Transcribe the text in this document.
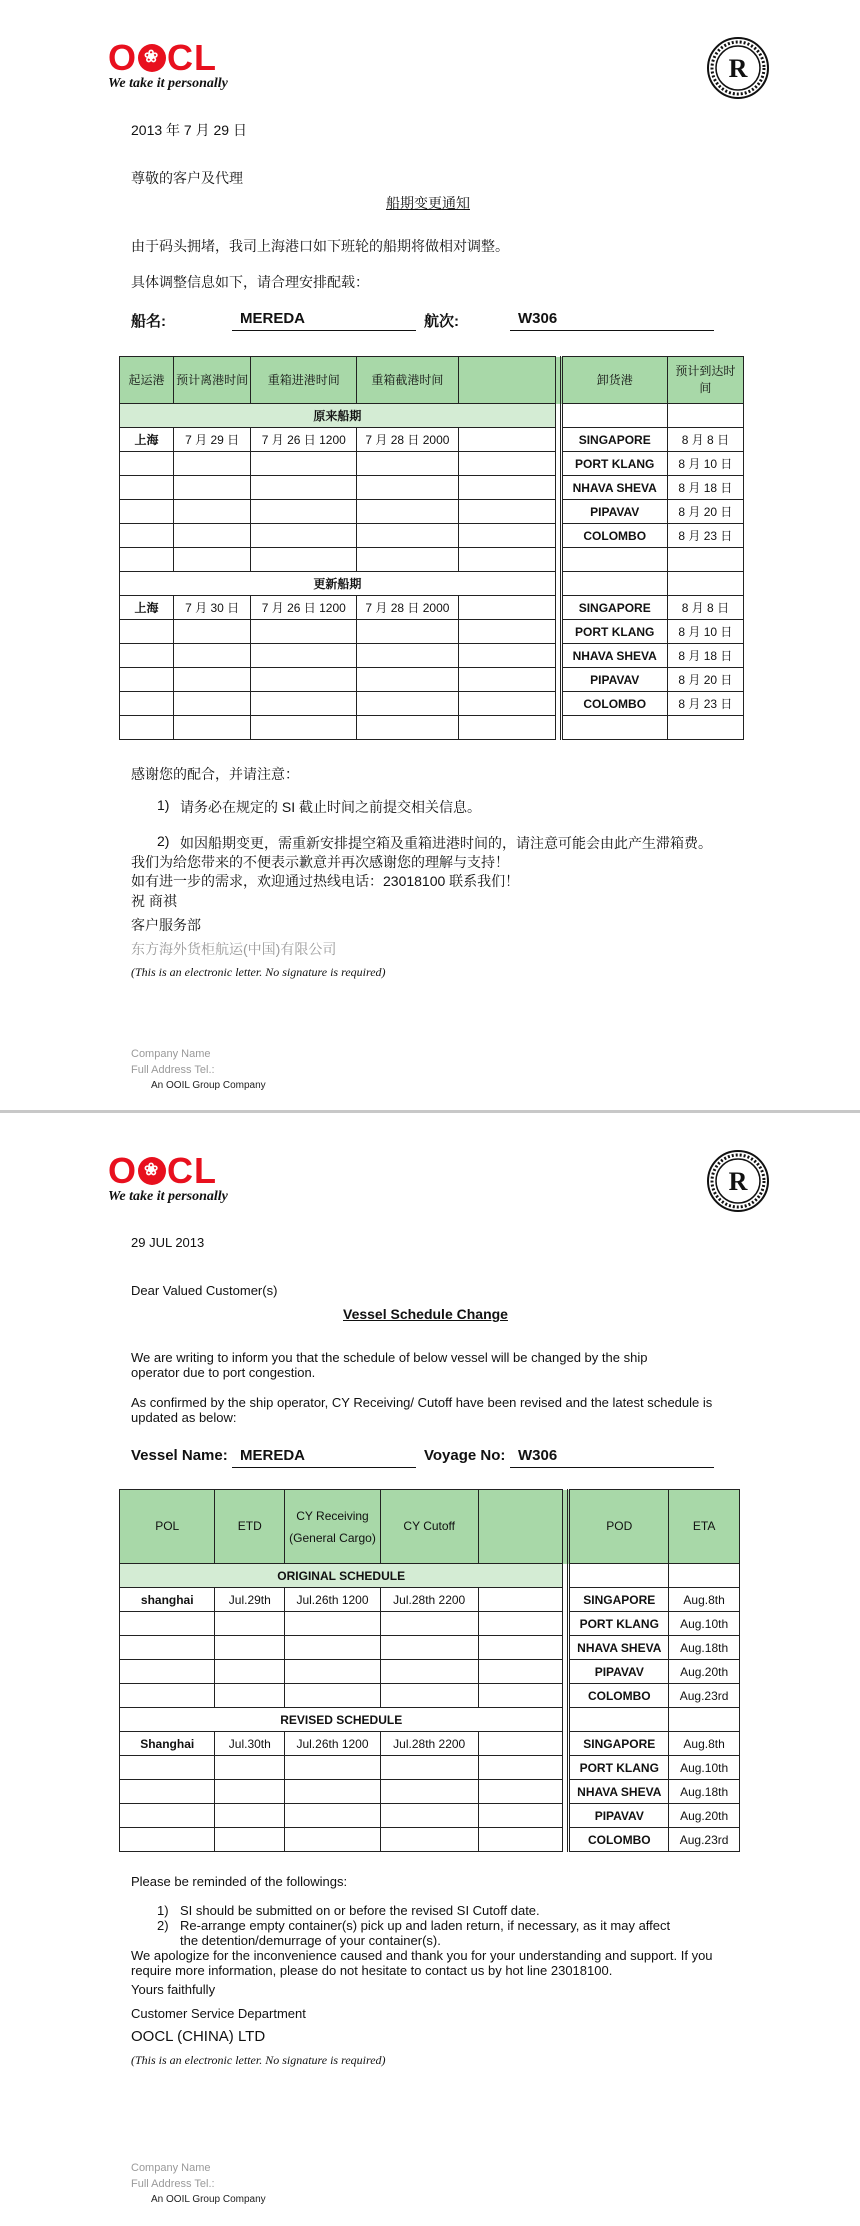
O ❀ CL
We take it personally
R
2013 年 7 月 29 日
尊敬的客户及代理
船期变更通知
由于码头拥堵，我司上海港口如下班轮的船期将做相对调整。
具体调整信息如下，请合理安排配载：
船名:	MEREDA	航次:	W306
起运港	预计离港时间	重箱进港时间	重箱截港时间			卸货港	预计到达时间
原来船期							
上海	7 月 29 日	7 月 26 日 1200	7 月 28 日 2000			SINGAPORE	8 月 8 日
						PORT KLANG	8 月 10 日
						NHAVA SHEVA	8 月 18 日
						PIPAVAV	8 月 20 日
						COLOMBO	8 月 23 日

更新船期							
上海	7 月 30 日	7 月 26 日 1200	7 月 28 日 2000			SINGAPORE	8 月 8 日
						PORT KLANG	8 月 10 日
						NHAVA SHEVA	8 月 18 日
						PIPAVAV	8 月 20 日
						COLOMBO	8 月 23 日

感谢您的配合，并请注意：
1) 请务必在规定的 SI 截止时间之前提交相关信息。
2) 如因船期变更，需重新安排提空箱及重箱进港时间的，请注意可能会由此产生滞箱费。
我们为给您带来的不便表示歉意并再次感谢您的理解与支持！
如有进一步的需求，欢迎通过热线电话：23018100 联系我们！
祝 商祺
客户服务部
东方海外货柜航运(中国)有限公司
(This is an electronic letter. No signature is required)
Company Name
Full Address Tel.:
An OOIL Group Company
O ❀ CL
We take it personally
R
29 JUL 2013
Dear Valued Customer(s)
Vessel Schedule Change
We are writing to inform you that the schedule of below vessel will be changed by the ship
operator due to port congestion.
As confirmed by the ship operator, CY Receiving/ Cutoff have been revised and the latest schedule is
updated as below:
Vessel Name: MEREDA	Voyage No: W306
POL	ETD	CY Receiving (General Cargo)	CY Cutoff			POD	ETA
ORIGINAL SCHEDULE							
shanghai	Jul.29th	Jul.26th 1200	Jul.28th 2200			SINGAPORE	Aug.8th
						PORT KLANG	Aug.10th
						NHAVA SHEVA	Aug.18th
						PIPAVAV	Aug.20th
						COLOMBO	Aug.23rd
REVISED SCHEDULE							
Shanghai	Jul.30th	Jul.26th 1200	Jul.28th 2200			SINGAPORE	Aug.8th
						PORT KLANG	Aug.10th
						NHAVA SHEVA	Aug.18th
						PIPAVAV	Aug.20th
						COLOMBO	Aug.23rd
Please be reminded of the followings:
1) SI should be submitted on or before the revised SI Cutoff date.
2) Re-arrange empty container(s) pick up and laden return, if necessary, as it may affect
the detention/demurrage of your container(s).
We apologize for the inconvenience caused and thank you for your understanding and support. If you
require more information, please do not hesitate to contact us by hot line 23018100.
Yours faithfully
Customer Service Department
OOCL (CHINA) LTD
(This is an electronic letter. No signature is required)
Company Name
Full Address Tel.:
An OOIL Group Company
